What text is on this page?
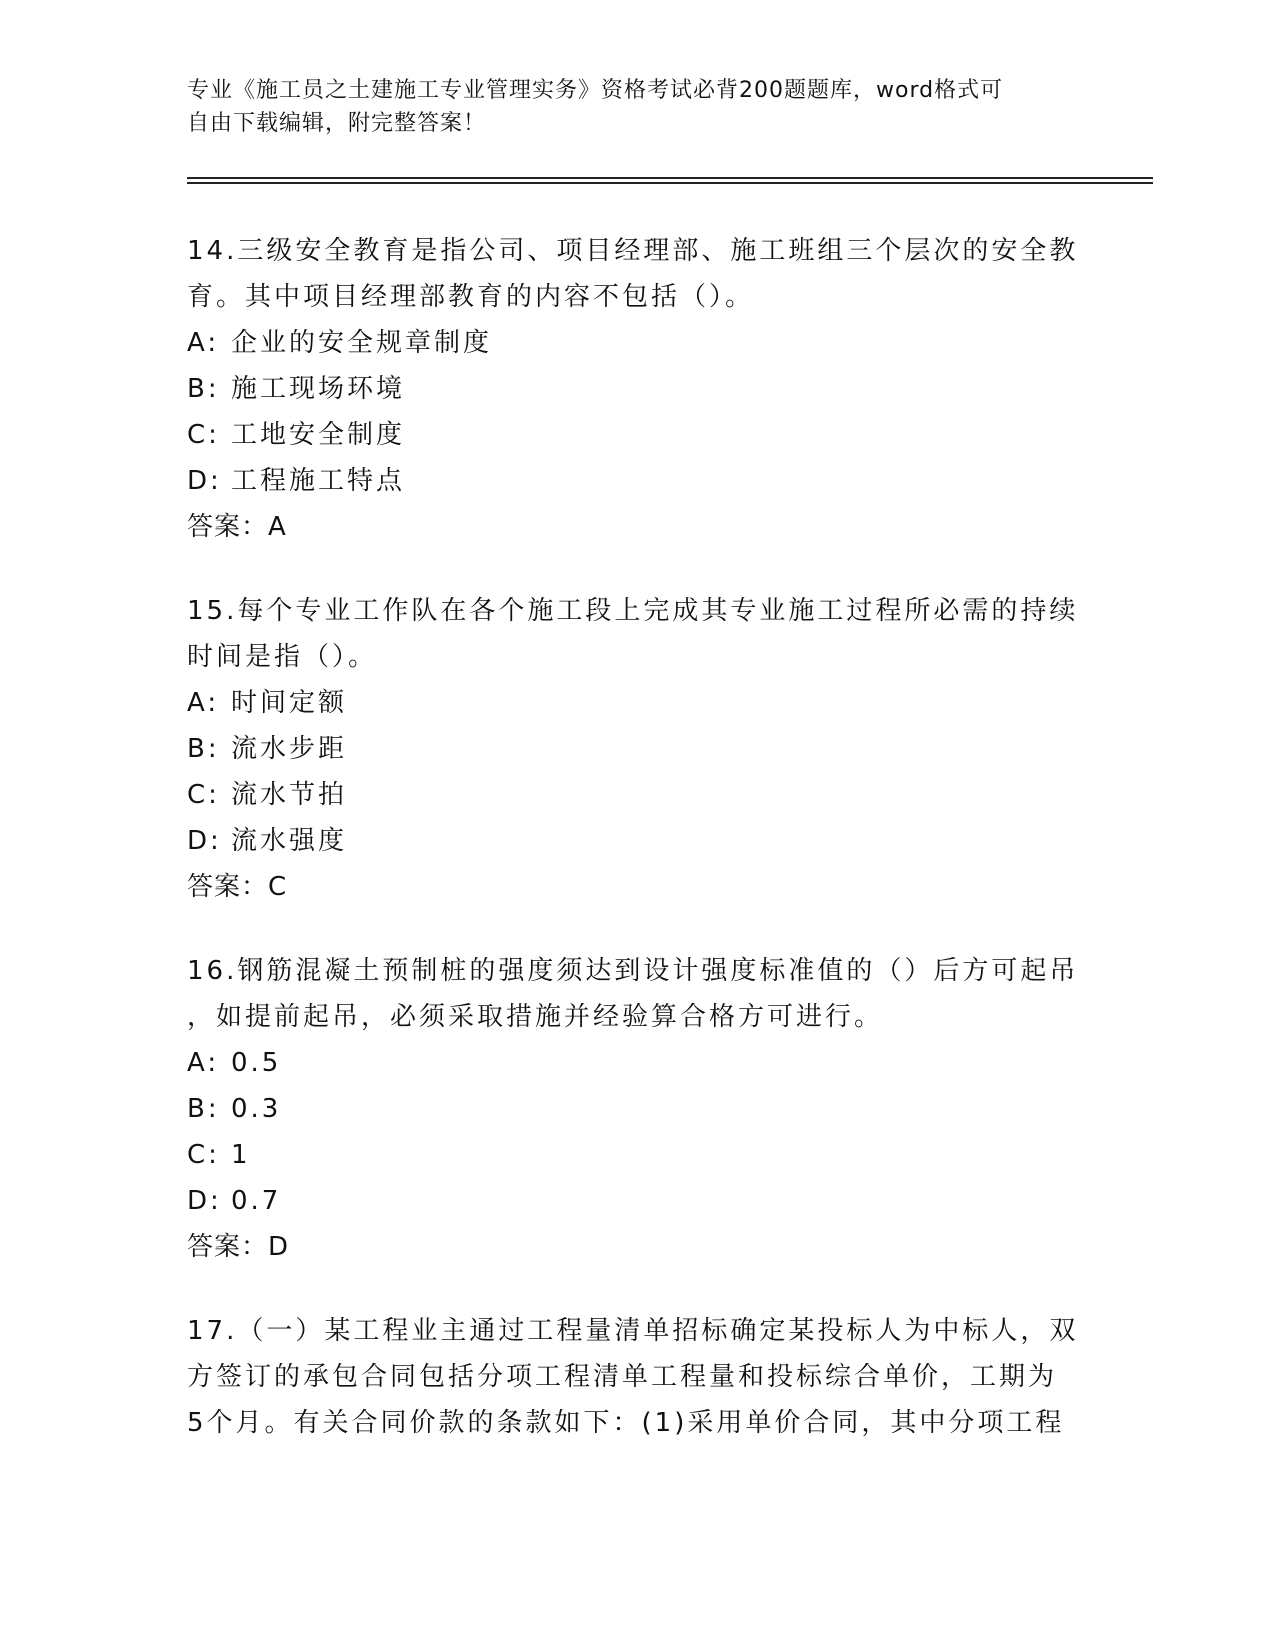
专业《施工员之土建施工专业管理实务》资格考试必背200题题库，word格式可
自由下载编辑，附完整答案！

14.三级安全教育是指公司、项目经理部、施工班组三个层次的安全教
育。其中项目经理部教育的内容不包括（）。

A: 企业的安全规章制度

B: 施工现场环境

C: 工地安全制度

D: 工程施工特点

答案：A

15.每个专业工作队在各个施工段上完成其专业施工过程所必需的持续
时间是指（）。

A: 时间定额

B: 流水步距

C: 流水节拍

D: 流水强度

答案：C

16.钢筋混凝土预制桩的强度须达到设计强度标准值的（）后方可起吊
，如提前起吊，必须采取措施并经验算合格方可进行。

A: 0.5

B: 0.3

C: 1

D: 0.7

答案：D

17.（一）某工程业主通过工程量清单招标确定某投标人为中标人，双
方签订的承包合同包括分项工程清单工程量和投标综合单价，工期为
5个月。有关合同价款的条款如下：(1)采用单价合同，其中分项工程
